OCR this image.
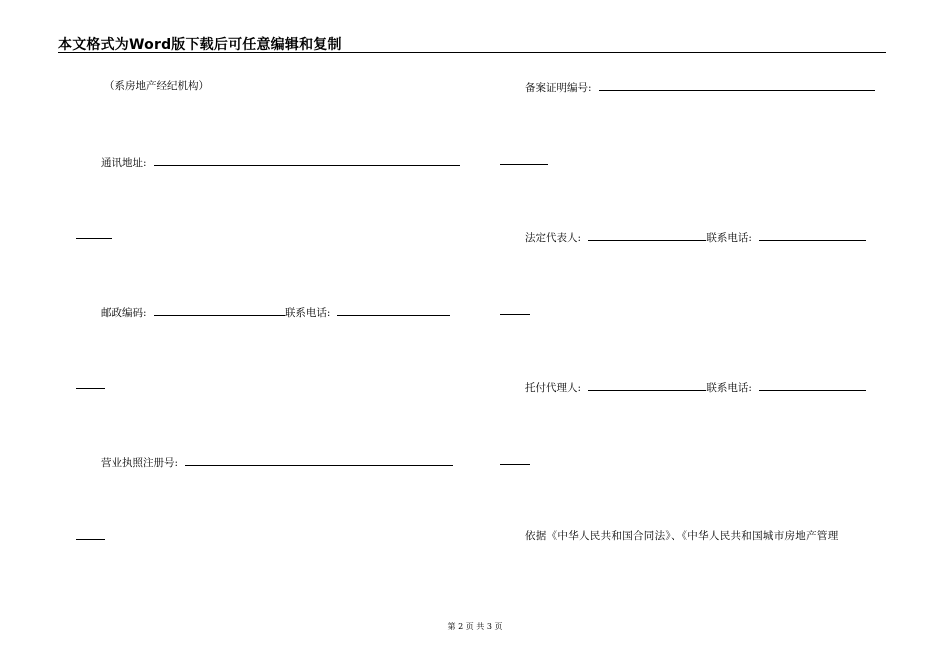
本文格式为Word版下载后可任意编辑和复制
（系房地产经纪机构）
通讯地址:
邮政编码:	联系电话:
营业执照注册号:
备案证明编号:
法定代表人:	联系电话:
托付代理人:	联系电话:
依据《中华人民共和国合同法》、《中华人民共和国城市房地产管理
第 2 页 共 3 页
